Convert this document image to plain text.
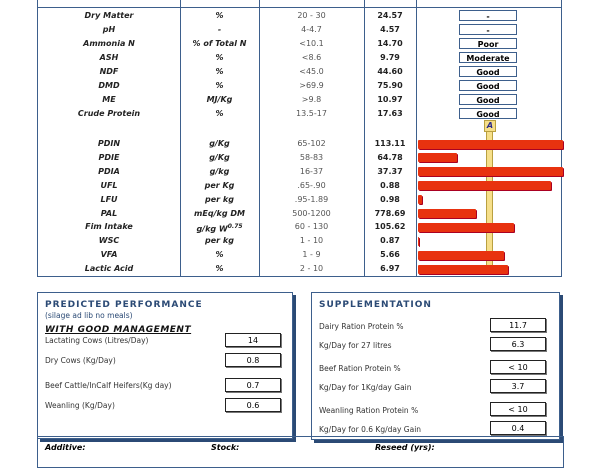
A
Dry Matter	%	20 - 30	24.57	-
pH	-	4-4.7	4.57	-
Ammonia N	% of Total N	<10.1	14.70	Poor
ASH	%	<8.6	9.79	Moderate
NDF	%	<45.0	44.60	Good
DMD	%	>69.9	75.90	Good
ME	MJ/Kg	>9.8	10.97	Good
Crude Protein	%	13.5-17	17.63	Good
PDIN	g/Kg	65-102	113.11
PDIE	g/Kg	58-83	64.78
PDIA	g/kg	16-37	37.37
UFL	per Kg	.65-.90	0.88
LFU	per kg	.95-1.89	0.98
PAL	mEq/kg DM	500-1200	778.69
Fim Intake	g/kg $W^{0.75}$	60 - 130	105.62
WSC	per kg	1 - 10	0.87
VFA	%	1 - 9	5.66
Lactic Acid	%	2 - 10	6.97
PREDICTED PERFORMANCE
(silage ad lib no meals)
WITH GOOD MANAGEMENT
Lactating Cows (Litres/Day)	14
Dry Cows (Kg/Day)	0.8
Beef Cattle/InCalf Heifers(Kg day)	0.7
Weanling (Kg/Day)	0.6
SUPPLEMENTATION
Dairy Ration Protein %	11.7
Kg/Day for 27 litres	6.3
Beef Ration Protein %	< 10
Kg/Day for 1Kg/day Gain	3.7
Weanling Ration Protein %	< 10
Kg/Day for 0.6 Kg/day Gain	0.4
Additive:	Stock:	Reseed (yrs):
